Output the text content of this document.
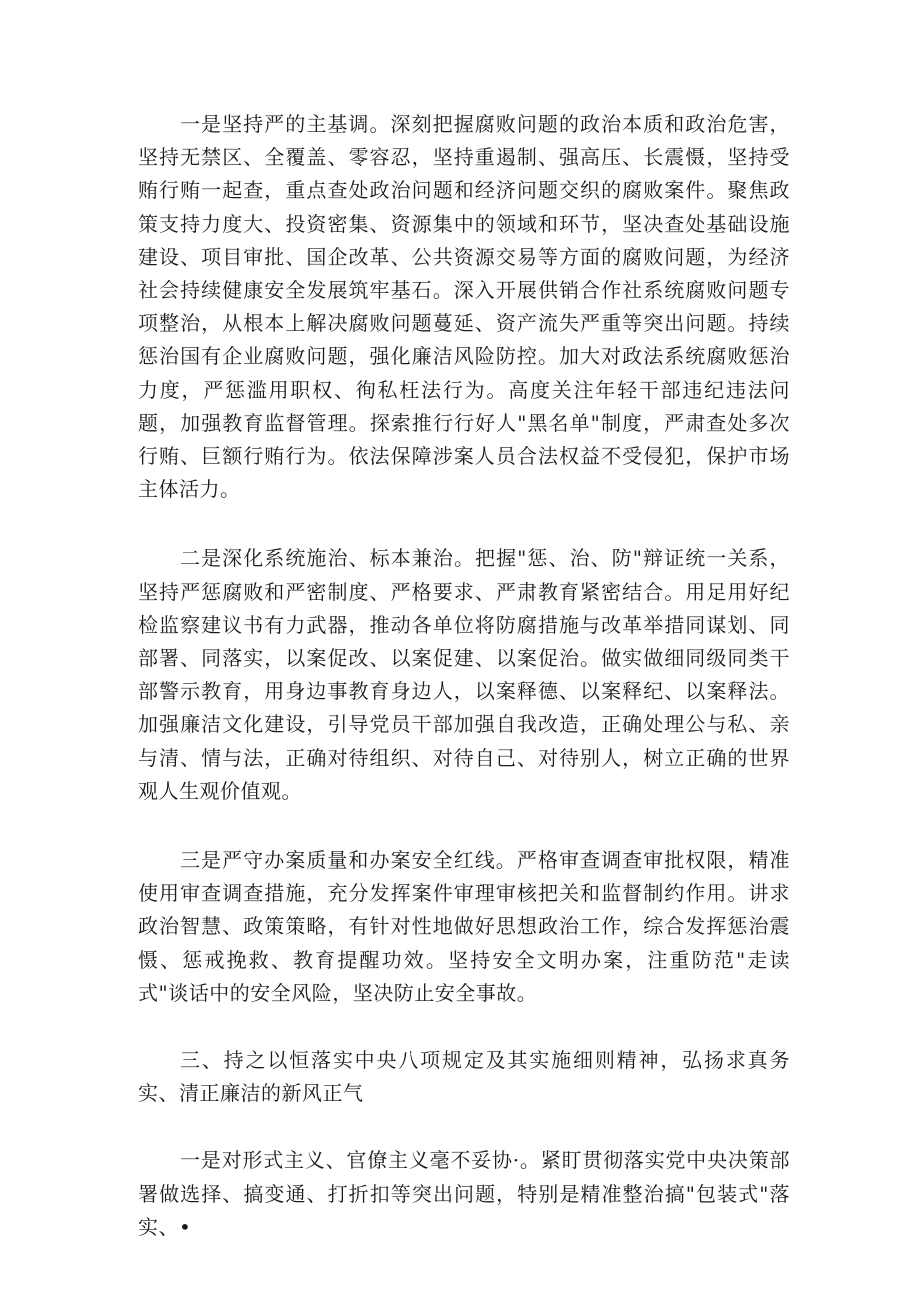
一是坚持严的主基调。深刻把握腐败问题的政治本质和政治危害，坚持无禁区、全覆盖、零容忍，坚持重遏制、强高压、长震慑，坚持受贿行贿一起查，重点查处政治问题和经济问题交织的腐败案件。聚焦政策支持力度大、投资密集、资源集中的领域和环节，坚决查处基础设施建设、项目审批、国企改革、公共资源交易等方面的腐败问题，为经济社会持续健康安全发展筑牢基石。深入开展供销合作社系统腐败问题专项整治，从根本上解决腐败问题蔓延、资产流失严重等突出问题。持续惩治国有企业腐败问题，强化廉洁风险防控。加大对政法系统腐败惩治力度，严惩滥用职权、徇私枉法行为。高度关注年轻干部违纪违法问题，加强教育监督管理。探索推行行好人"黑名单"制度，严肃查处多次行贿、巨额行贿行为。依法保障涉案人员合法权益不受侵犯，保护市场主体活力。

二是深化系统施治、标本兼治。把握"惩、治、防"辩证统一关系，坚持严惩腐败和严密制度、严格要求、严肃教育紧密结合。用足用好纪检监察建议书有力武器，推动各单位将防腐措施与改革举措同谋划、同部署、同落实，以案促改、以案促建、以案促治。做实做细同级同类干部警示教育，用身边事教育身边人，以案释德、以案释纪、以案释法。加强廉洁文化建设，引导党员干部加强自我改造，正确处理公与私、亲与清、情与法，正确对待组织、对待自己、对待别人，树立正确的世界观人生观价值观。

三是严守办案质量和办案安全红线。严格审查调查审批权限，精准使用审查调查措施，充分发挥案件审理审核把关和监督制约作用。讲求政治智慧、政策策略，有针对性地做好思想政治工作，综合发挥惩治震慑、惩戒挽救、教育提醒功效。坚持安全文明办案，注重防范"走读式"谈话中的安全风险，坚决防止安全事故。

三、持之以恒落实中央八项规定及其实施细则精神，弘扬求真务实、清正廉洁的新风正气

一是对形式主义、官僚主义毫不妥协·。紧盯贯彻落实党中央决策部署做选择、搞变通、打折扣等突出问题，特别是精准整治搞"包装式"落实、•
